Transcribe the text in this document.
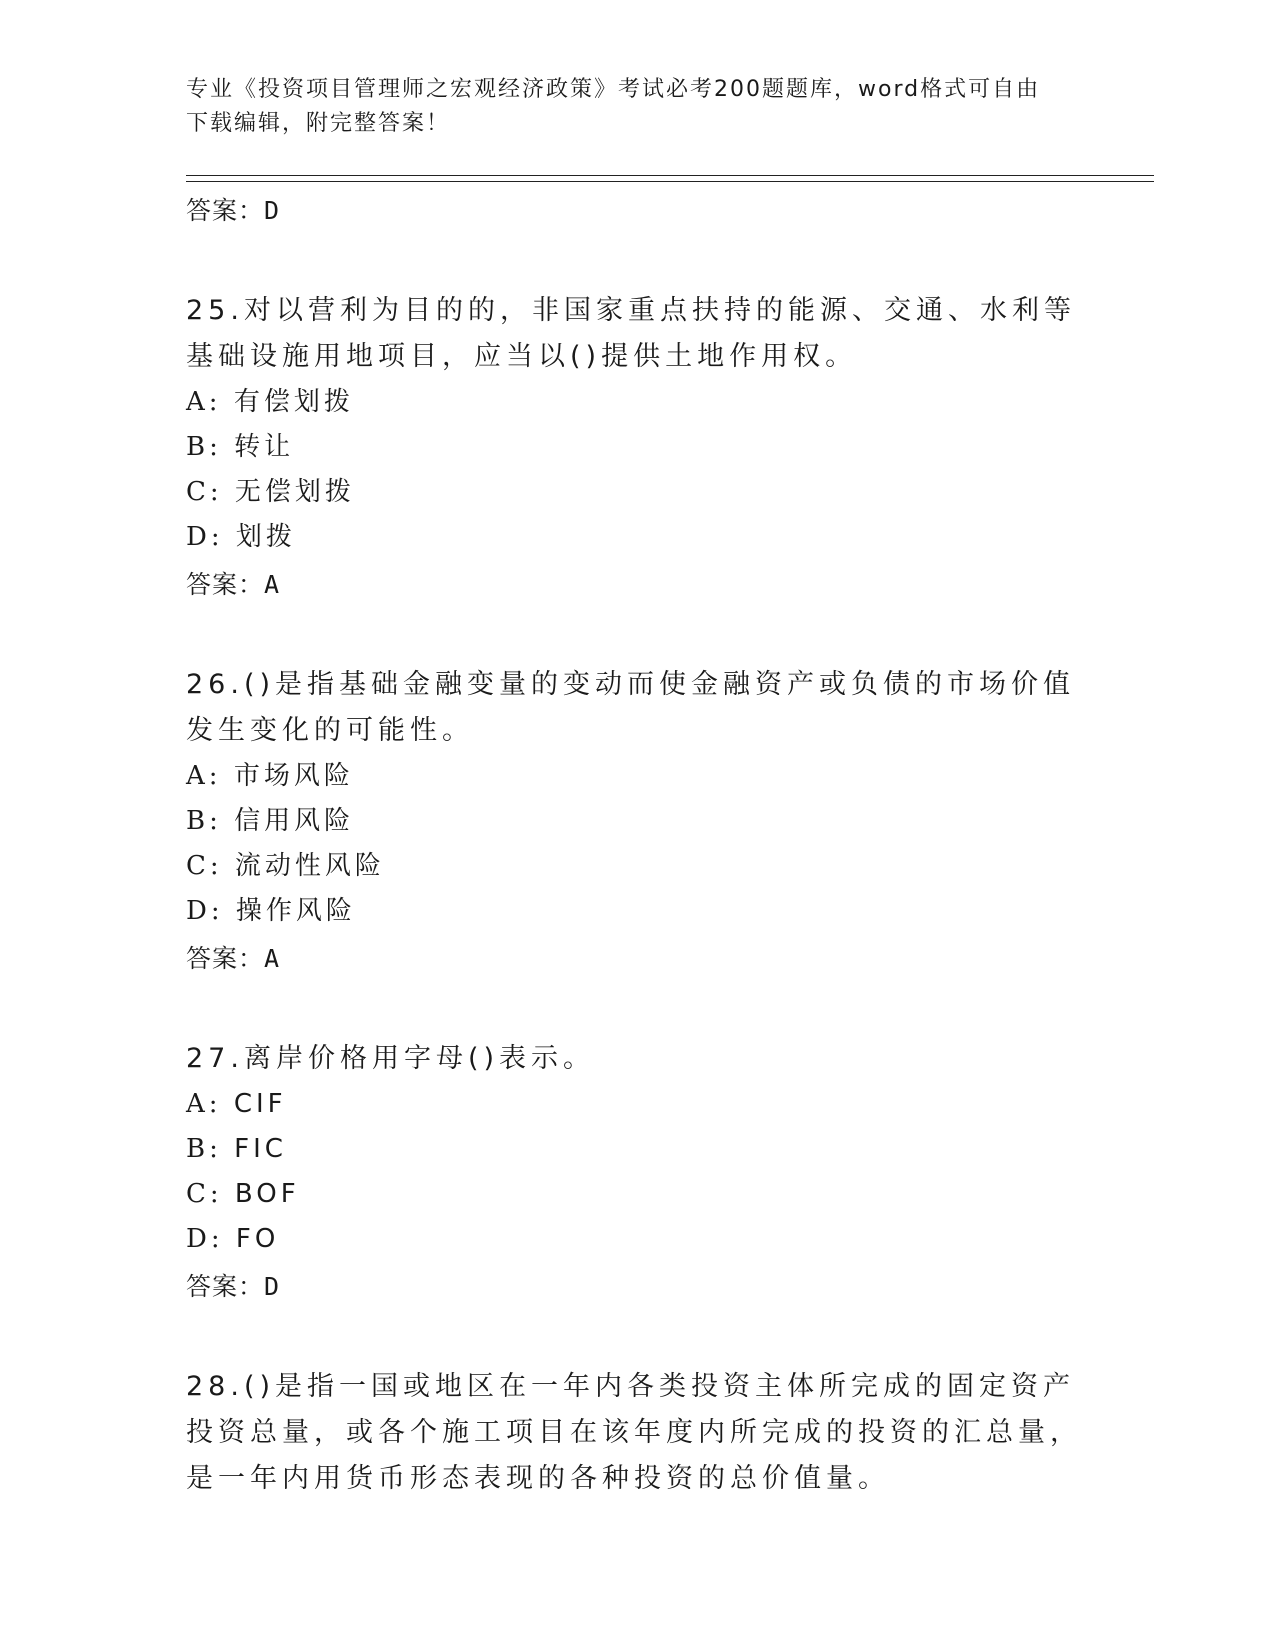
专业《投资项目管理师之宏观经济政策》考试必考200题题库，word格式可自由
下载编辑，附完整答案！

答案：D

25.对以营利为目的的，非国家重点扶持的能源、交通、水利等基础设施用地项目，应当以()提供土地作用权。

A: 有偿划拨
B: 转让
C: 无偿划拨
D: 划拨
答案：A

26.()是指基础金融变量的变动而使金融资产或负债的市场价值发生变化的可能性。

A: 市场风险
B: 信用风险
C: 流动性风险
D: 操作风险
答案：A

27.离岸价格用字母()表示。

A: CIF
B: FIC
C: BOF
D: FO
答案：D

28.()是指一国或地区在一年内各类投资主体所完成的固定资产投资总量，或各个施工项目在该年度内所完成的投资的汇总量，是一年内用货币形态表现的各种投资的总价值量。
